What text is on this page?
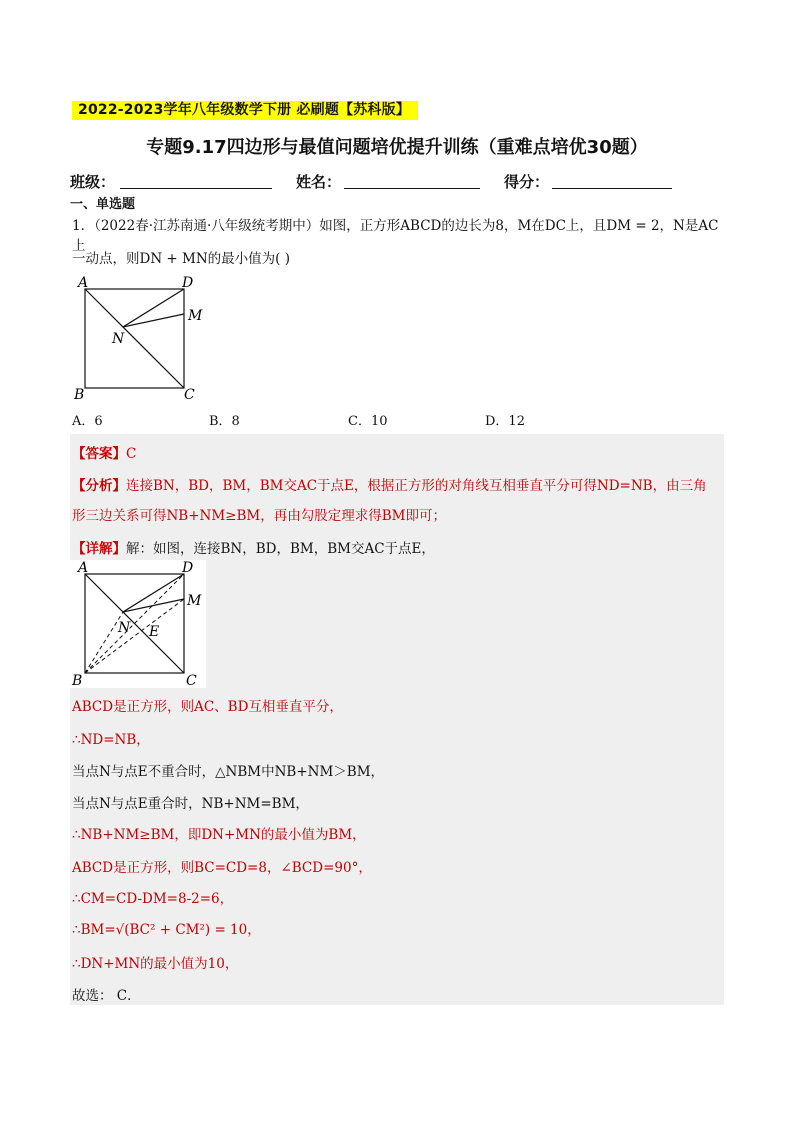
2022-2023学年八年级数学下册 必刷题【苏科版】
专题9.17四边形与最值问题培优提升训练（重难点培优30题）
班级：	姓名：	得分：
一、单选题
1．（2022春·江苏南通·八年级统考期中）如图，正方形ABCD的边长为8，M在DC上，且DM = 2，N是AC上
一动点，则DN + MN的最小值为( )
A	D
M
N
B	C
A．6	B．8	C．10	D．12
【答案】C
【分析】连接BN，BD，BM，BM交AC于点E，根据正方形的对角线互相垂直平分可得ND=NB，由三角
形三边关系可得NB+NM≥BM，再由勾股定理求得BM即可；
【详解】解：如图，连接BN，BD，BM，BM交AC于点E，
A	D
M
N E
B	C
ABCD是正方形，则AC、BD互相垂直平分，
∴ND=NB，
当点N与点E不重合时，△NBM中NB+NM＞BM，
当点N与点E重合时，NB+NM=BM，
∴NB+NM≥BM，即DN+MN的最小值为BM，
ABCD是正方形，则BC=CD=8，∠BCD=90°，
∴CM=CD-DM=8-2=6，
∴BM=√(BC² + CM²) = 10，
∴DN+MN的最小值为10，
故选： C．
